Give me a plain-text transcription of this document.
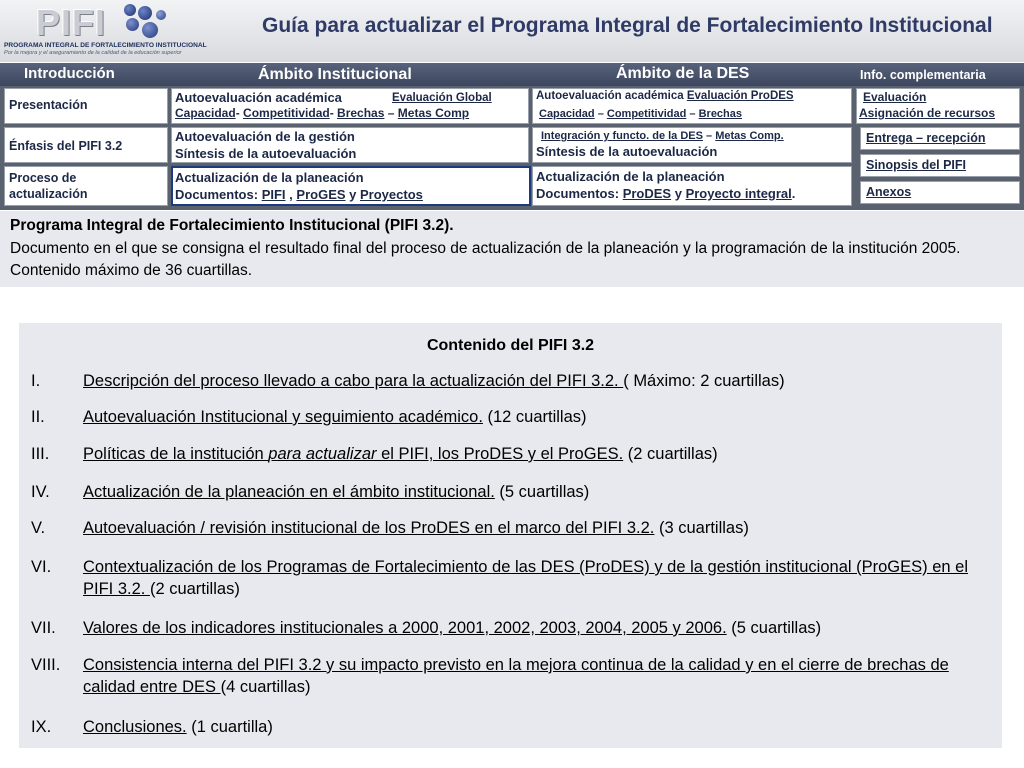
PIFI
PROGRAMA INTEGRAL DE FORTALECIMIENTO INSTITUCIONAL
Por la mejora y el aseguramiento de la calidad de la educación superior
Guía para actualizar el Programa Integral de Fortalecimiento Institucional
Introducción	Ámbito Institucional	Ámbito de la DES	Info. complementaria
Presentación
Énfasis del PIFI 3.2
Proceso de
actualización
Autoevaluación académica	Evaluación Global
Capacidad- Competitividad- Brechas – Metas Comp
Autoevaluación de la gestión
Síntesis de la autoevaluación
Actualización de la planeación
Documentos: PIFI , ProGES y Proyectos
Autoevaluación académica Evaluación ProDES
Capacidad – Competitividad – Brechas
Integración y functo. de la DES – Metas Comp.
Síntesis de la autoevaluación
Actualización de la planeación
Documentos: ProDES y Proyecto integral.
Evaluación
Asignación de recursos
Entrega – recepción
Sinopsis del PIFI
Anexos
Programa Integral de Fortalecimiento Institucional (PIFI 3.2).
Documento en el que se consigna el resultado final del proceso de actualización de la planeación y la programación de la institución 2005. Contenido máximo de 36 cuartillas.
Contenido del PIFI 3.2
I.	Descripción del proceso llevado a cabo para la actualización del PIFI 3.2. ( Máximo: 2 cuartillas)
II. Autoevaluación Institucional y seguimiento académico. (12 cuartillas)
III. Políticas de la institución para actualizar el PIFI, los ProDES y el ProGES. (2 cuartillas)
IV. Actualización de la planeación en el ámbito institucional. (5 cuartillas)
V. Autoevaluación / revisión institucional de los ProDES en el marco del PIFI 3.2. (3 cuartillas)
VI. Contextualización de los Programas de Fortalecimiento de las DES (ProDES) y de la gestión institucional (ProGES) en el PIFI 3.2. (2 cuartillas)
VII. Valores de los indicadores institucionales a 2000, 2001, 2002, 2003, 2004, 2005 y 2006. (5 cuartillas)
VIII. Consistencia interna del PIFI 3.2 y su impacto previsto en la mejora continua de la calidad y en el cierre de brechas de calidad entre DES (4 cuartillas)
IX. Conclusiones. (1 cuartilla)
